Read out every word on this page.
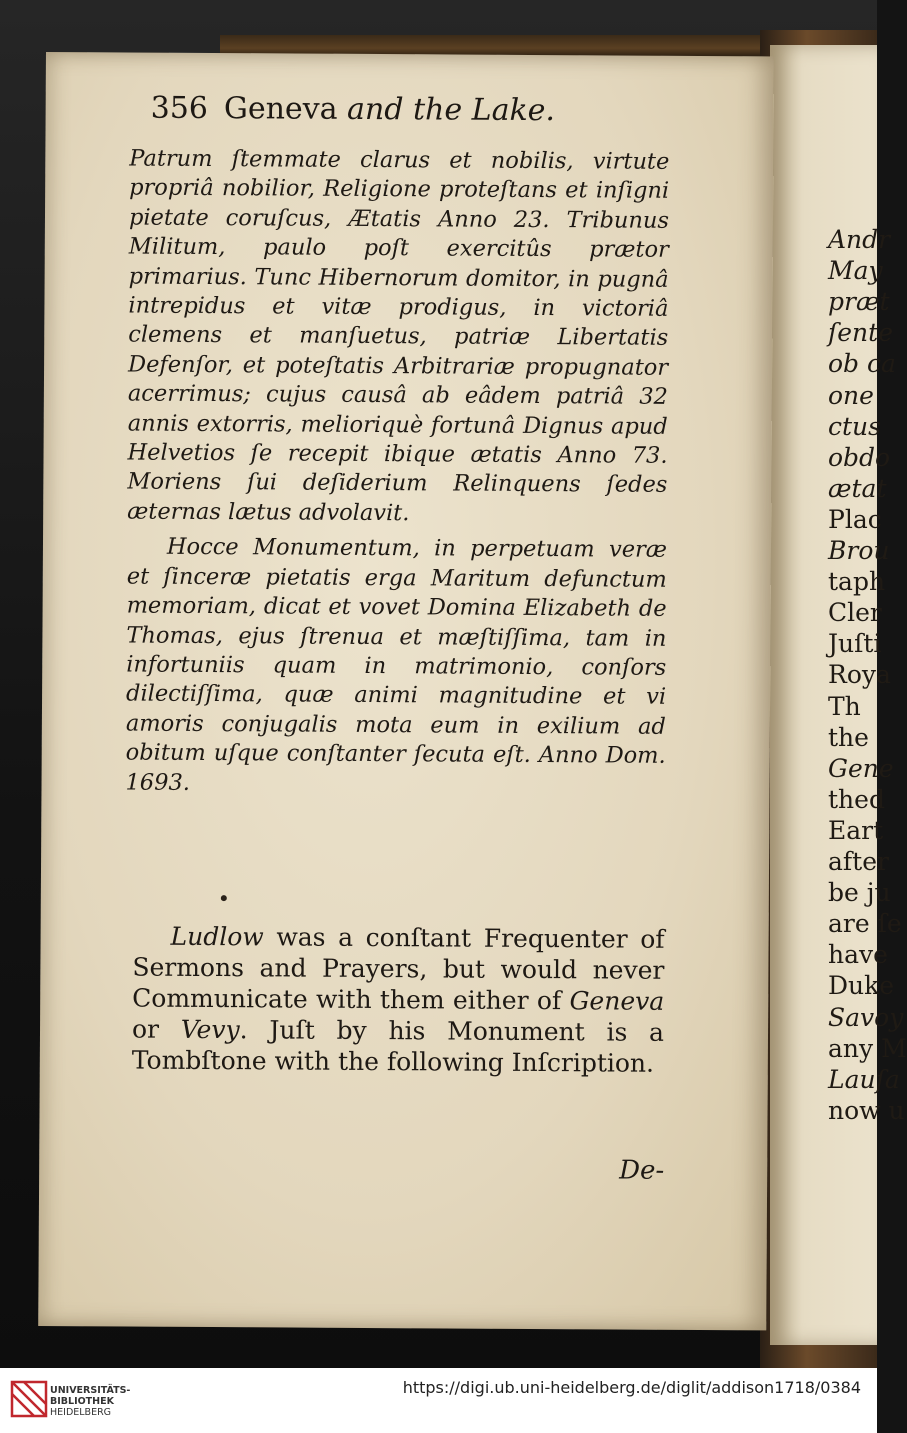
Andr
May
præt
ſente
ob ca
one
ctus
obdo
ætat
Plac
Brou
taph
Cler
Juſti
Roya
Th
the
Gene
thed
Eart
after
be ju
are ſe
have
Duke
Savoy
any M
Lauſa
now u
356 Geneva and the Lake.

Patrum ſtemmate clarus et nobilis, virtute propriâ nobilior, Religione proteſtans et inſigni pietate coruſcus, Ætatis Anno 23. Tribunus Militum, paulo poſt exercitûs prætor primarius. Tunc Hibernorum domitor, in pugnâ intrepidus et vitæ prodigus, in victoriâ clemens et manſuetus, patriæ Libertatis Defenſor, et poteſtatis Arbitrariæ propugnator acerrimus; cujus causâ ab eâdem patriâ 32 annis extorris, melioriquè fortunâ Dignus apud Helvetios ſe recepit ibique ætatis Anno 73. Moriens ſui deſiderium Relinquens ſedes æternas lætus advolavit.

Hocce Monumentum, in perpetuam veræ et ſinceræ pietatis erga Maritum defunctum memoriam, dicat et vovet Domina Elizabeth de Thomas, ejus ſtrenua et mæſtiſſima, tam in infortuniis quam in matrimonio, conſors dilectiſſima, quæ animi magnitudine et vi amoris conjugalis mota eum in exilium ad obitum uſque conſtanter ſecuta eſt. Anno Dom. 1693.

Ludlow was a conſtant Frequenter of Sermons and Prayers, but would never Communicate with them either of Geneva or Vevy. Juſt by his Monument is a Tombſtone with the following Inſcription.

De-
UNIVERSITÄTS-
BIBLIOTHEK
HEIDELBERG
https://digi.ub.uni-heidelberg.de/diglit/addison1718/0384
